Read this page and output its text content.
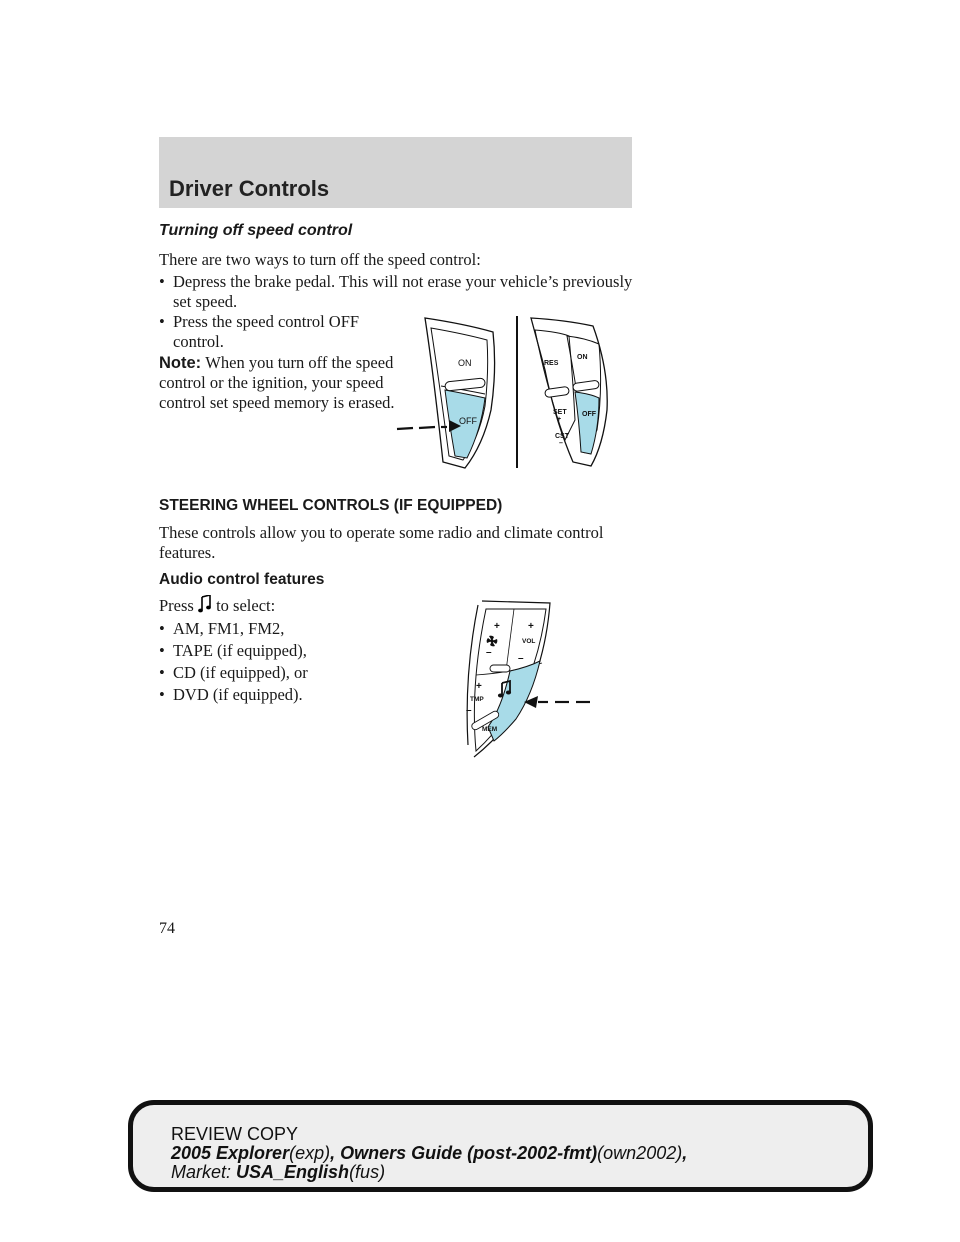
Driver Controls
Turning off speed control
There are two ways to turn off the speed control:
• Depress the brake pedal. This will not erase your vehicle’s previously
set speed.
• Press the speed control OFF
control.
Note: When you turn off the speed
control or the ignition, your speed
control set speed memory is erased.
STEERING WHEEL CONTROLS (IF EQUIPPED)
These controls allow you to operate some radio and climate control
features.
Audio control features
Press to select:
• AM, FM1, FM2,
• TAPE (if equipped),
• CD (if equipped), or
• DVD (if equipped).
ON
OFF
RES
ON
SET
+
OFF
CST
–
+
–
+
VOL
–
+
TMP
–
MEM
74
REVIEW COPY
2005 Explorer(exp), Owners Guide (post-2002-fmt)(own2002),
Market: USA_English(fus)
